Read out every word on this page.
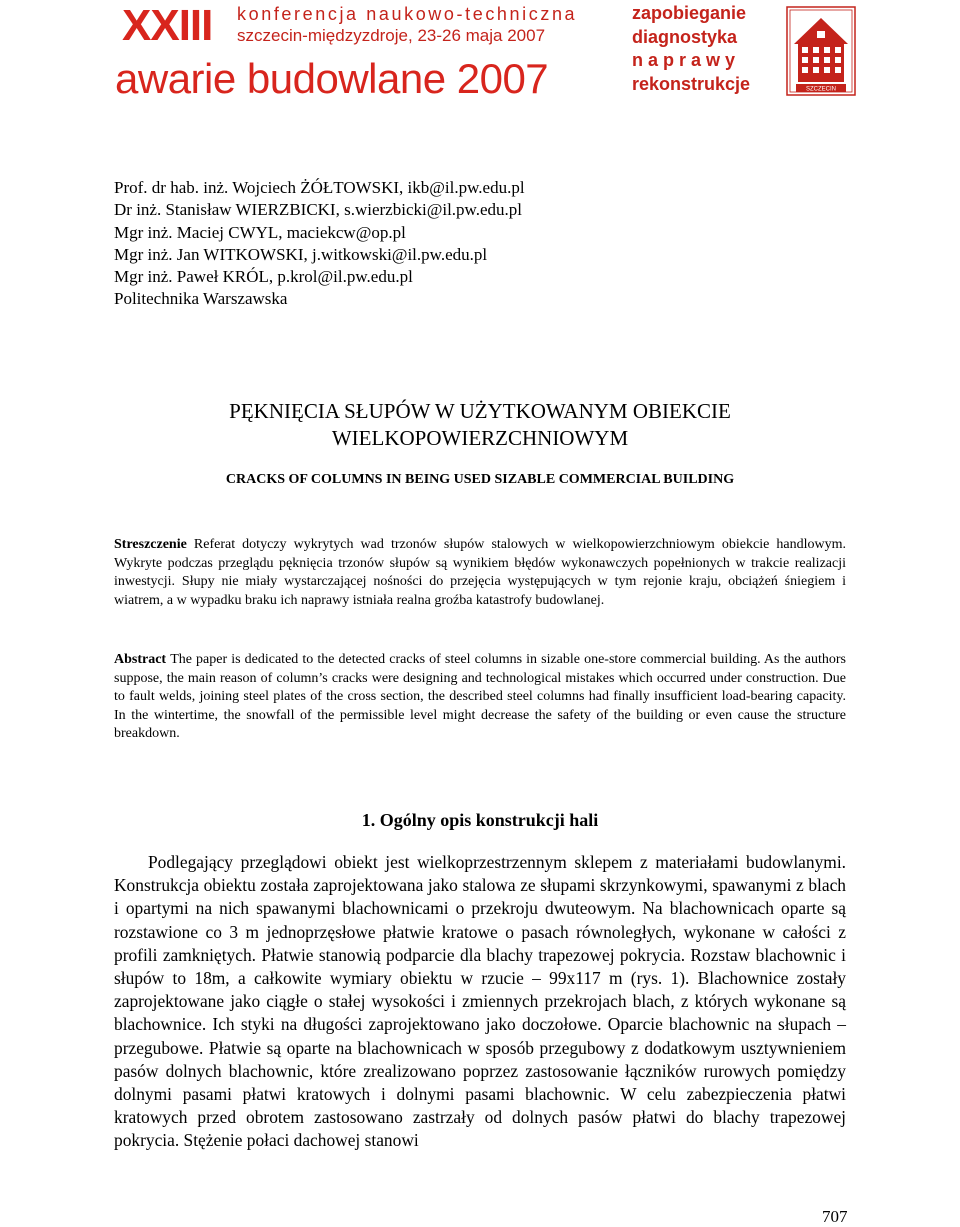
XXIII konferencja naukowo-techniczna
szczecin-międzyzdroje, 23-26 maja 2007
awarie budowlane 2007
zapobieganie
diagnostyka
naprawy
rekonstrukcje	SZCZECIN
Prof. dr hab. inż. Wojciech ŻÓŁTOWSKI, ikb@il.pw.edu.pl
Dr inż. Stanisław WIERZBICKI, s.wierzbicki@il.pw.edu.pl
Mgr inż. Maciej CWYL, maciekcw@op.pl
Mgr inż. Jan WITKOWSKI, j.witkowski@il.pw.edu.pl
Mgr inż. Paweł KRÓL, p.krol@il.pw.edu.pl
Politechnika Warszawska
PĘKNIĘCIA SŁUPÓW W UŻYTKOWANYM OBIEKCIE
WIELKOPOWIERZCHNIOWYM
CRACKS OF COLUMNS IN BEING USED SIZABLE COMMERCIAL BUILDING
Streszczenie Referat dotyczy wykrytych wad trzonów słupów stalowych w wielkopowierzchniowym obiekcie handlowym. Wykryte podczas przeglądu pęknięcia trzonów słupów są wynikiem błędów wykonawczych popełnionych w trakcie realizacji inwestycji. Słupy nie miały wystarczającej nośności do przejęcia występujących w tym rejonie kraju, obciążeń śniegiem i wiatrem, a w wypadku braku ich naprawy istniała realna groźba katastrofy budowlanej.
Abstract The paper is dedicated to the detected cracks of steel columns in sizable one-store commercial building. As the authors suppose, the main reason of column’s cracks were designing and technological mistakes which occurred under construction. Due to fault welds, joining steel plates of the cross section, the described steel columns had finally insufficient load-bearing capacity. In the wintertime, the snowfall of the permissible level might decrease the safety of the building or even cause the structure breakdown.
1. Ogólny opis konstrukcji hali

Podlegający przeglądowi obiekt jest wielkoprzestrzennym sklepem z materiałami budowlanymi. Konstrukcja obiektu została zaprojektowana jako stalowa ze słupami skrzynkowymi, spawanymi z blach i opartymi na nich spawanymi blachownicami o przekroju dwuteowym. Na blachownicach oparte są rozstawione co 3 m jednoprzęsłowe płatwie kratowe o pasach równoległych, wykonane w całości z profili zamkniętych. Płatwie stanowią podparcie dla blachy trapezowej pokrycia. Rozstaw blachownic i słupów to 18m, a całkowite wymiary obiektu w rzucie – 99x117 m (rys. 1). Blachownice zostały zaprojektowane jako ciągłe o stałej wysokości i zmiennych przekrojach blach, z których wykonane są blachownice. Ich styki na długości zaprojektowano jako doczołowe. Oparcie blachownic na słupach – przegubowe. Płatwie są oparte na blachownicach w sposób przegubowy z dodatkowym usztywnieniem pasów dolnych blachownic, które zrealizowano poprzez zastosowanie łączników rurowych pomiędzy dolnymi pasami płatwi kratowych i dolnymi pasami blachownic. W celu zabezpieczenia płatwi kratowych przed obrotem zastosowano zastrzały od dolnych pasów płatwi do blachy trapezowej pokrycia. Stężenie połaci dachowej stanowi

707
